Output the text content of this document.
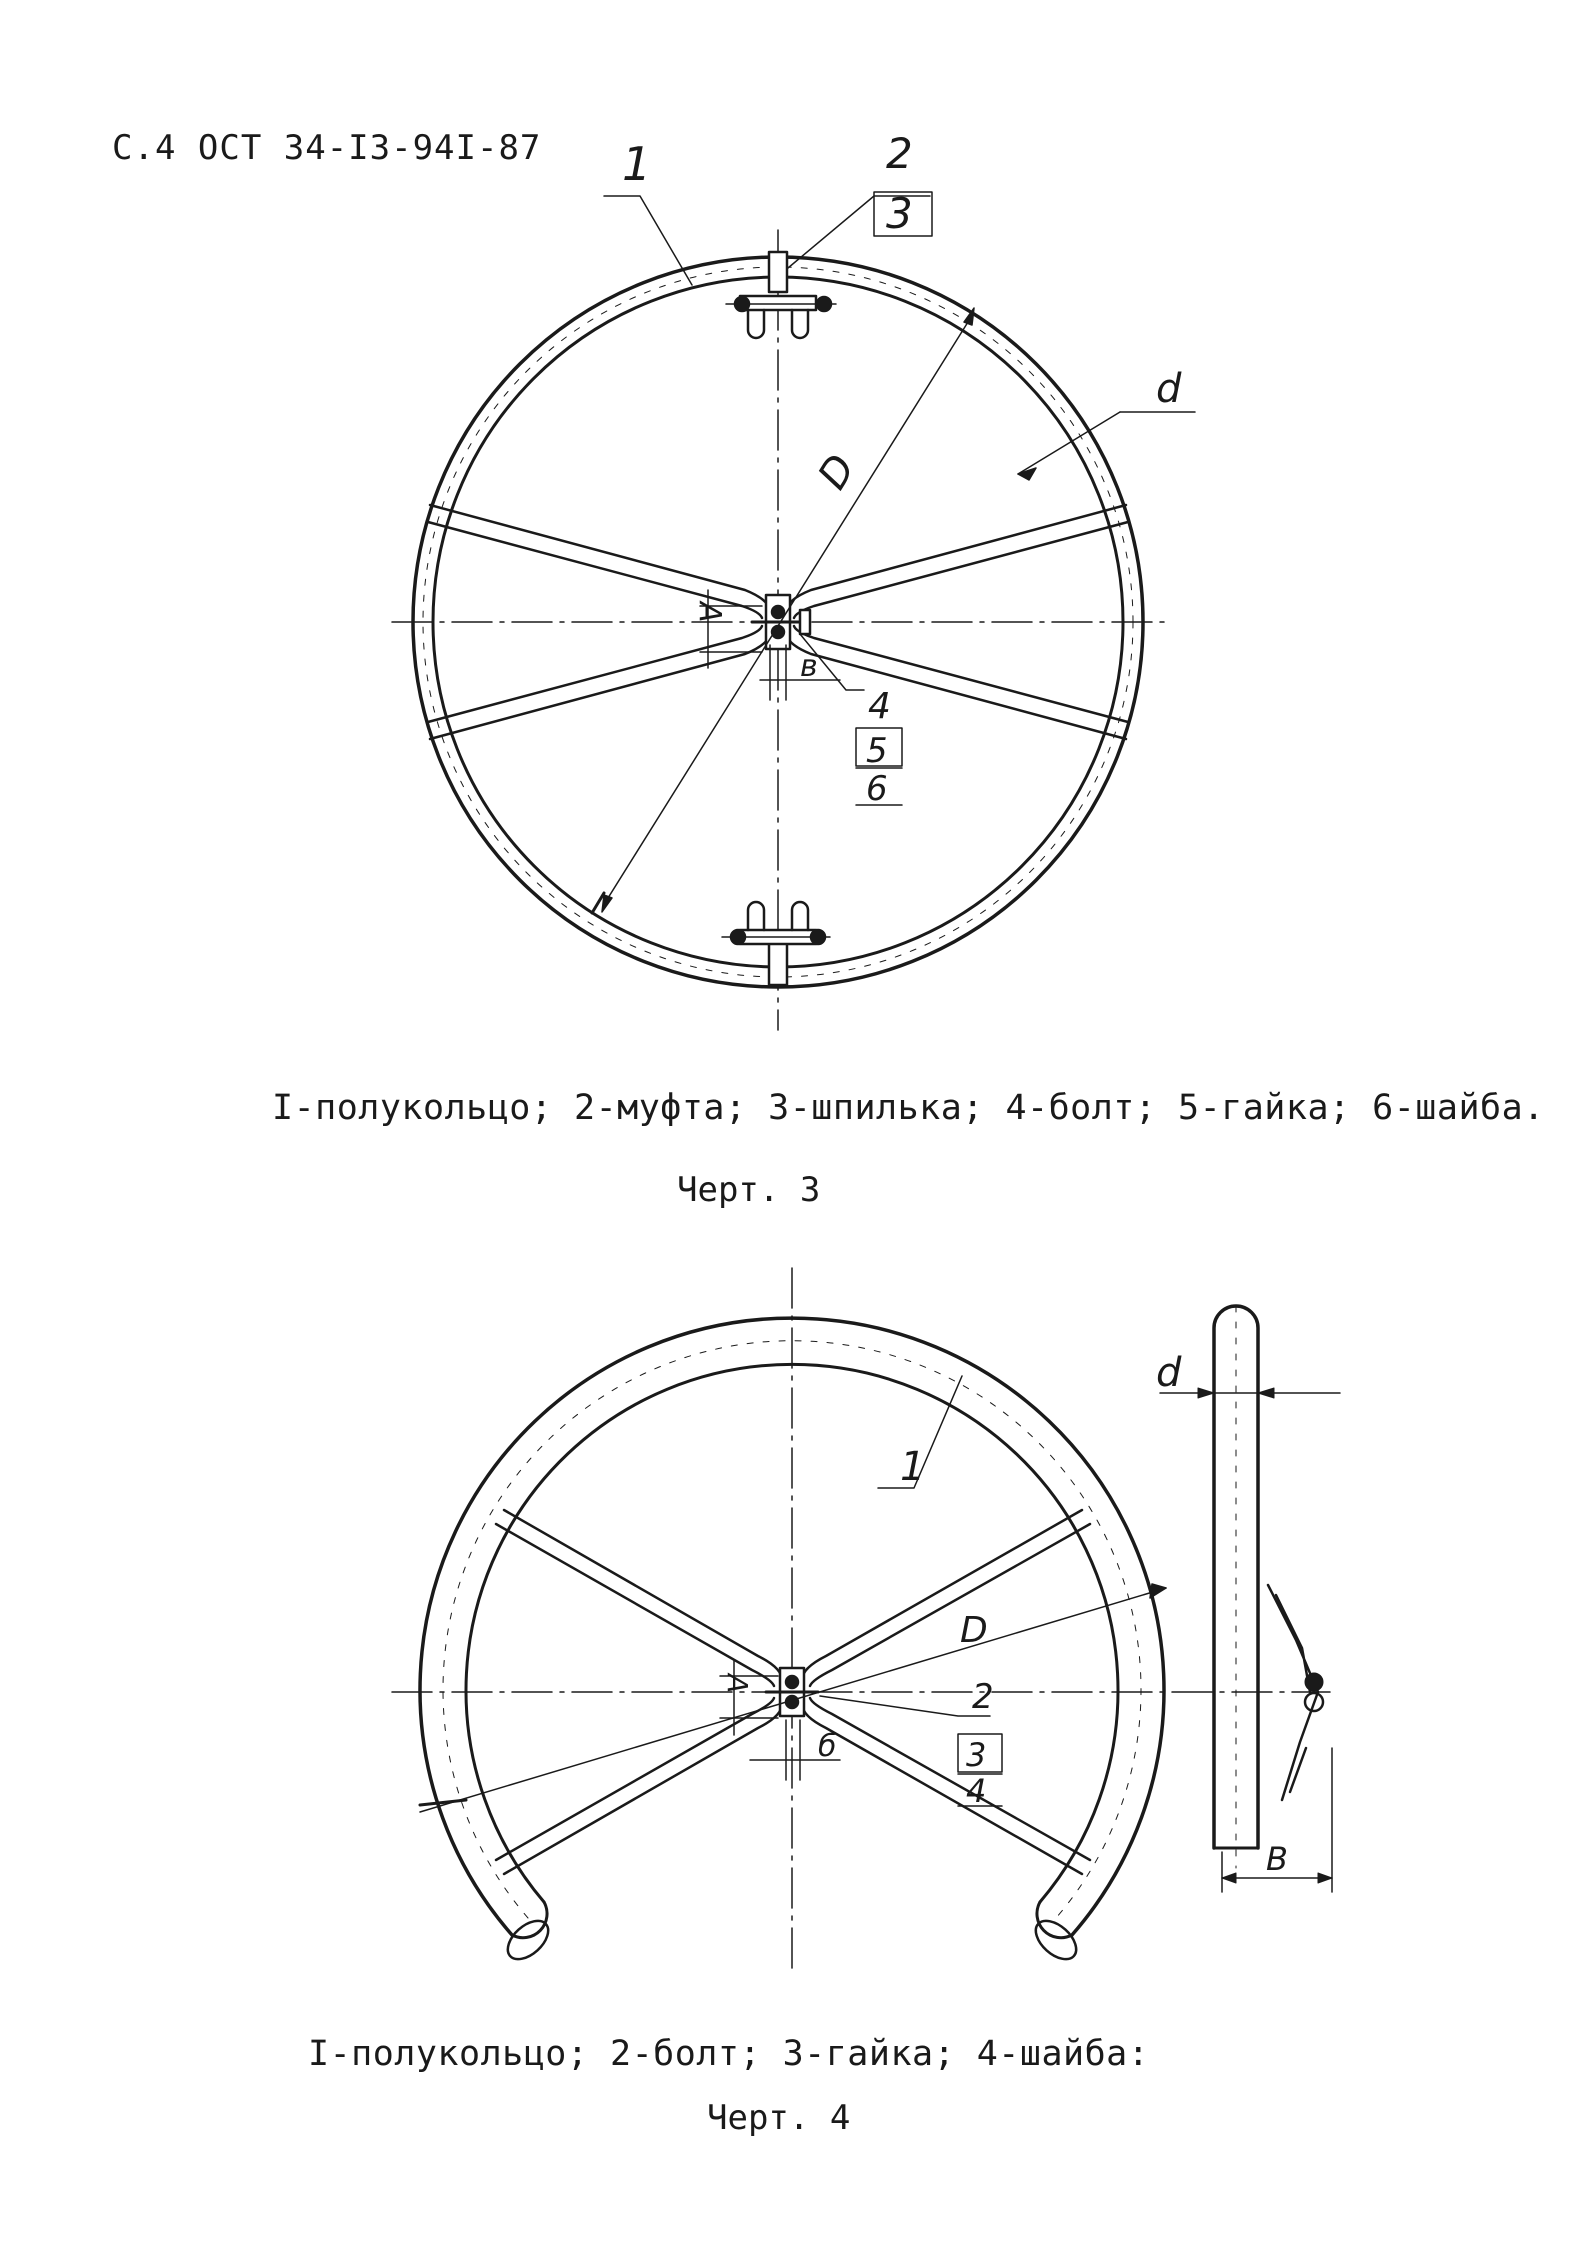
С.4 ОСТ 34-I3-94I-87 1	2
3
4
5
6
D
d
A
в
1
2
3
4
D
d
A
б
В
I-полукольцо; 2-муфта; 3-шпилька; 4-болт; 5-гайка; 6-шайба.
Черт. 3
I-полукольцо; 2-болт; 3-гайка; 4-шайба:
Черт. 4
